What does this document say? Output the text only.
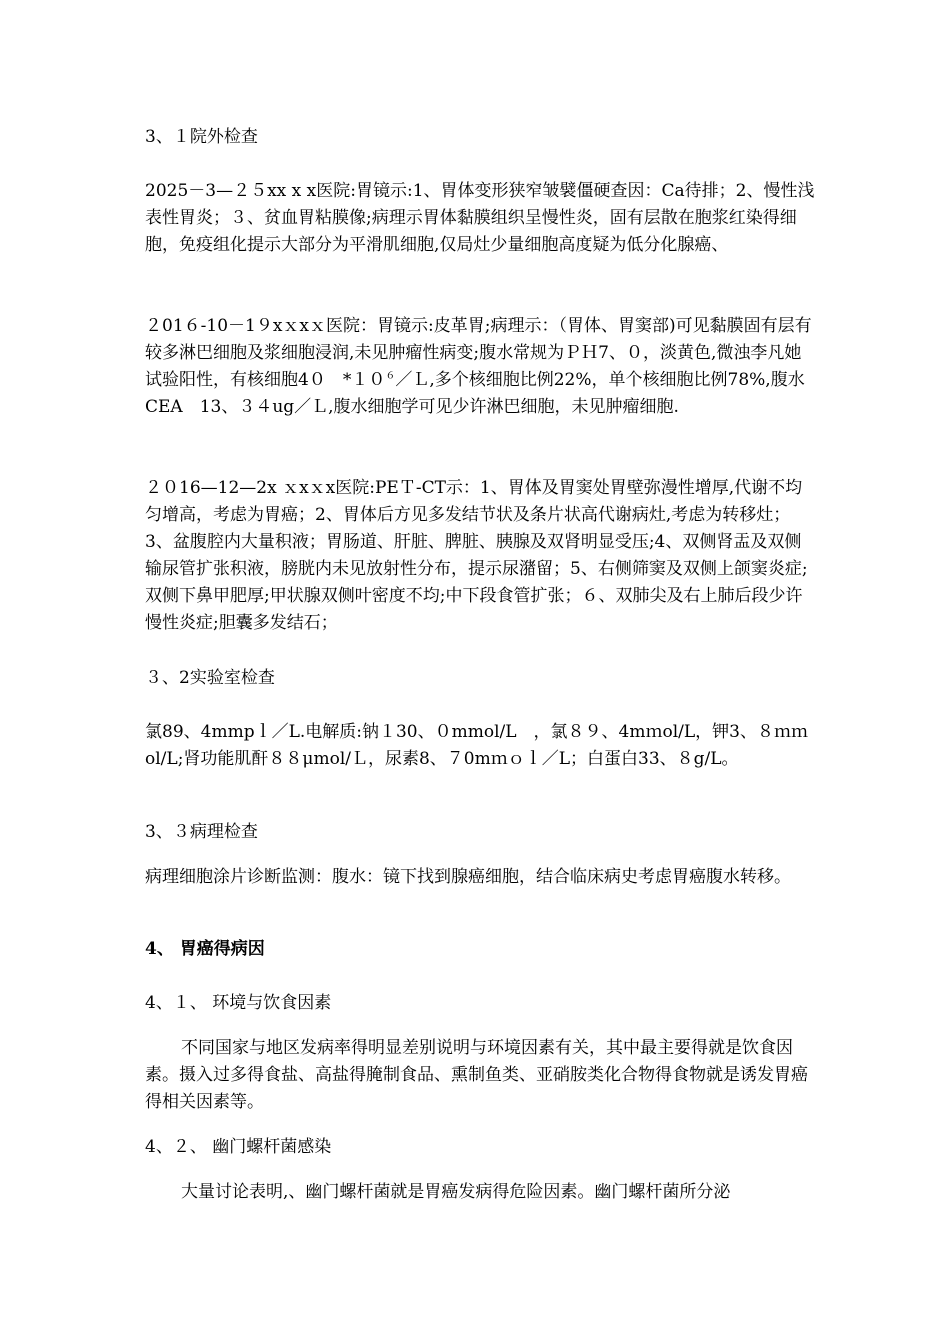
3、１院外检查

2025－3—２５xx x x医院:胃镜示:1、胃体变形狭窄皱襞僵硬查因：Ca待排；2、慢性浅表性胃炎；３、贫血胃粘膜像;病理示胃体黏膜组织呈慢性炎，固有层散在胞浆红染得细胞，免疫组化提示大部分为平滑肌细胞,仅局灶少量细胞高度疑为低分化腺癌、

２01６-10－1９xｘxｘ医院：胃镜示:皮革胃;病理示：（胃体、胃窦部)可见黏膜固有层有较多淋巴细胞及浆细胞浸润,未见肿瘤性病变;腹水常规为ＰＨ7、０，淡黄色,微浊李凡她试验阳性，有核细胞4０　$*10^6/L$,多个核细胞比例22%，单个核细胞比例78%,腹水CEA　13、３４ug／Ｌ,腹水细胞学可见少许淋巴细胞，未见肿瘤细胞.

２０16—12—2x ｘxｘx医院:PEＴ-CT示：1、胃体及胃窦处胃壁弥漫性增厚,代谢不均匀增高，考虑为胃癌；2、胃体后方见多发结节状及条片状高代谢病灶,考虑为转移灶；3、盆腹腔内大量积液；胃肠道、肝脏、脾脏、胰腺及双肾明显受压;4、双侧肾盂及双侧输尿管扩张积液，膀胱内未见放射性分布，提示尿潴留；5、右侧筛窦及双侧上颌窦炎症;双侧下鼻甲肥厚;甲状腺双侧叶密度不均;中下段食管扩张；６、双肺尖及右上肺后段少许慢性炎症;胆囊多发结石；

３、2实验室检查

氯89、4mmpｌ／L.电解质:钠１30、０mmol/L　，氯８９、4mｍol/L，钾3、８ｍｍol/L;肾功能肌酐８８μmol/Ｌ，尿素8、７0mｍｏｌ／L；白蛋白33、８g/L。

3、３病理检查

病理细胞涂片诊断监测：腹水：镜下找到腺癌细胞，结合临床病史考虑胃癌腹水转移。

4、 胃癌得病因

4、１、 环境与饮食因素

不同国家与地区发病率得明显差别说明与环境因素有关，其中最主要得就是饮食因素。摄入过多得食盐、高盐得腌制食品、熏制鱼类、亚硝胺类化合物得食物就是诱发胃癌得相关因素等。

4、２、 幽门螺杆菌感染

大量讨论表明,、幽门螺杆菌就是胃癌发病得危险因素。幽门螺杆菌所分泌
